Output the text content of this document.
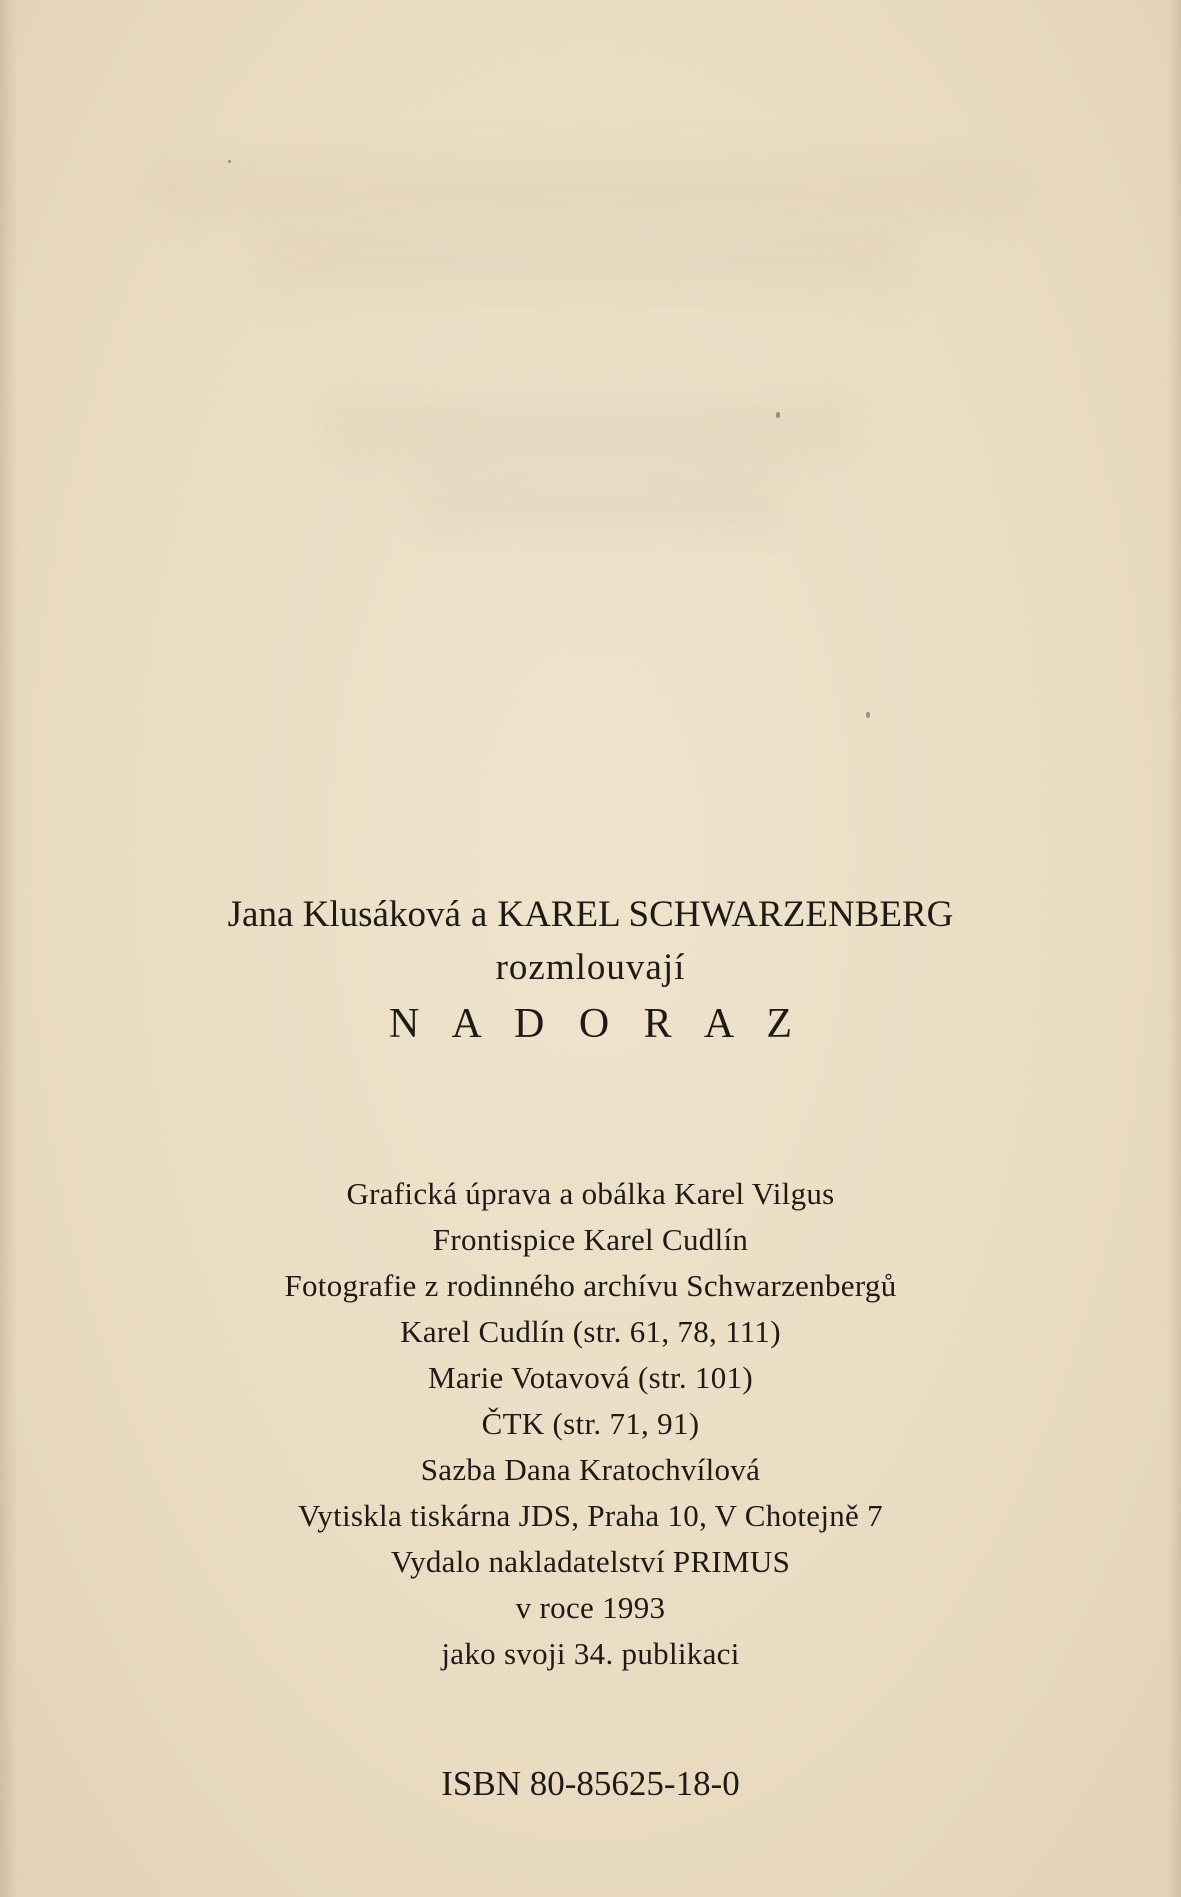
Jana Klusáková a KAREL SCHWARZENBERG
rozmlouvají
N A D O R A Z
Grafická úprava a obálka Karel Vilgus
Frontispice Karel Cudlín
Fotografie z rodinného archívu Schwarzenbergů
Karel Cudlín (str. 61, 78, 111)
Marie Votavová (str. 101)
ČTK (str. 71, 91)
Sazba Dana Kratochvílová
Vytiskla tiskárna JDS, Praha 10, V Chotejně 7
Vydalo nakladatelství PRIMUS
v roce 1993
jako svoji 34. publikaci
ISBN 80-85625-18-0
